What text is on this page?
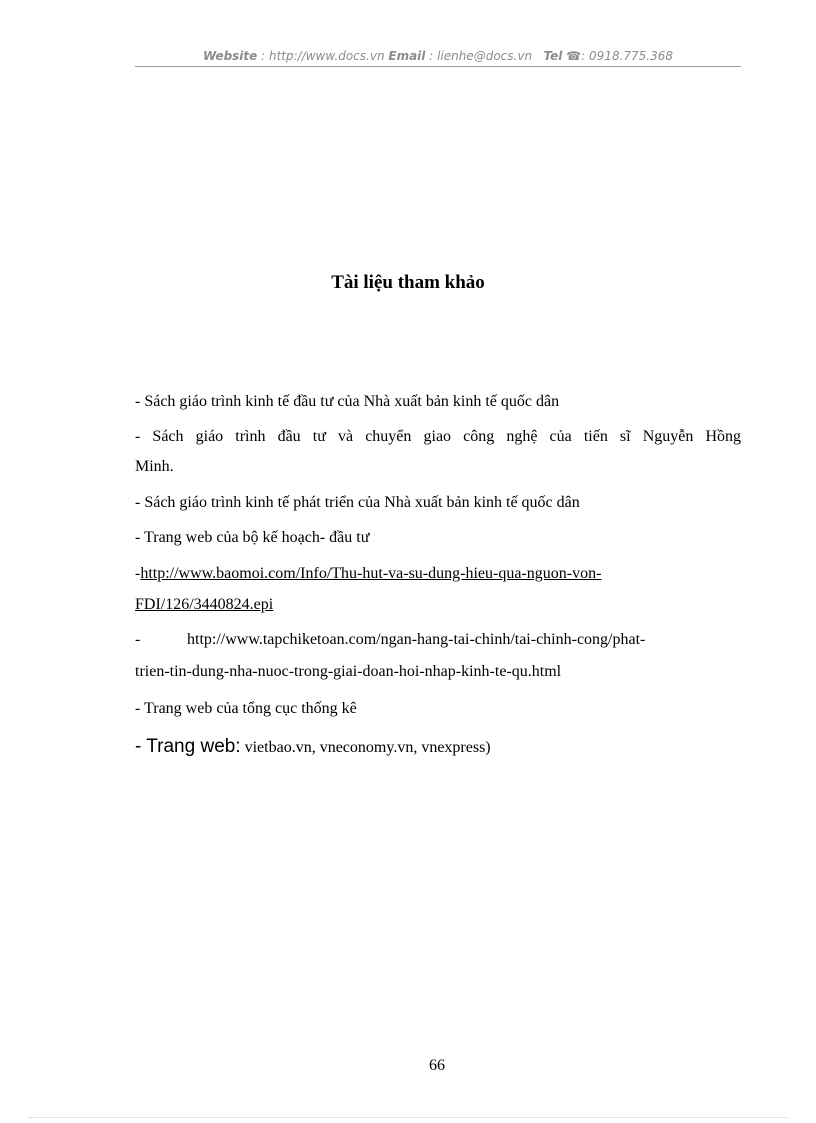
Website : http://www.docs.vn Email : lienhe@docs.vn   Tel ☎: 0918.775.368
Tài liệu tham khảo
- Sách giáo trình kinh tế đầu tư của Nhà xuất bản kinh tế quốc dân
- Sách giáo trình đầu tư và chuyển giao công nghệ của tiến sĩ Nguyễn Hồng
Minh.
- Sách giáo trình kinh tế phát triển của Nhà xuất bản kinh tế quốc dân
- Trang web của bộ kế hoạch- đầu tư
-http://www.baomoi.com/Info/Thu-hut-va-su-dung-hieu-qua-nguon-von-
FDI/126/3440824.epi
-	http://www.tapchiketoan.com/ngan-hang-tai-chinh/tai-chinh-cong/phat-
trien-tin-dung-nha-nuoc-trong-giai-doan-hoi-nhap-kinh-te-qu.html
- Trang web của tổng cục thống kê
- Trang web: vietbao.vn, vneconomy.vn, vnexpress)
66
